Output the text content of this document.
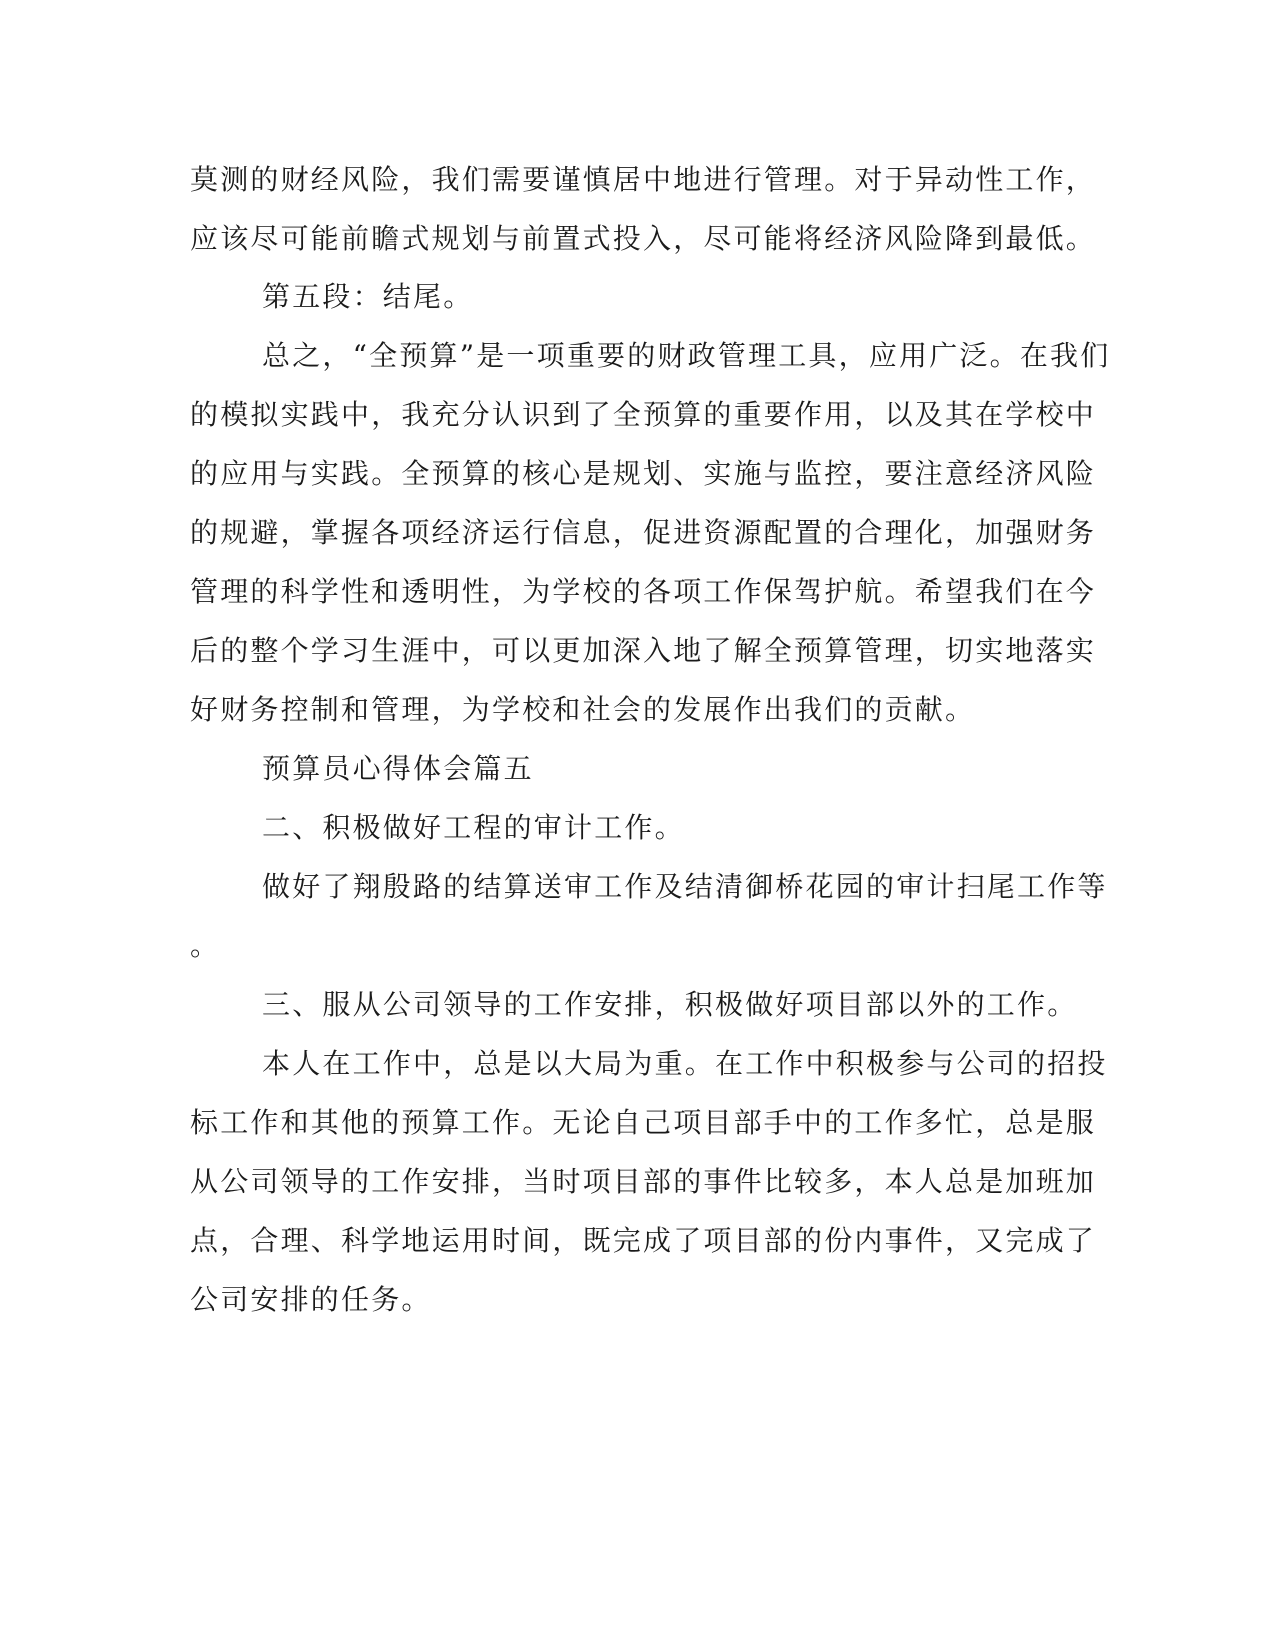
莫测的财经风险，我们需要谨慎居中地进行管理。对于异动性工作，
应该尽可能前瞻式规划与前置式投入，尽可能将经济风险降到最低。
第五段：结尾。
总之，“全预算”是一项重要的财政管理工具，应用广泛。在我们
的模拟实践中，我充分认识到了全预算的重要作用，以及其在学校中
的应用与实践。全预算的核心是规划、实施与监控，要注意经济风险
的规避，掌握各项经济运行信息，促进资源配置的合理化，加强财务
管理的科学性和透明性，为学校的各项工作保驾护航。希望我们在今
后的整个学习生涯中，可以更加深入地了解全预算管理，切实地落实
好财务控制和管理，为学校和社会的发展作出我们的贡献。
预算员心得体会篇五
二、积极做好工程的审计工作。
做好了翔殷路的结算送审工作及结清御桥花园的审计扫尾工作等
。
三、服从公司领导的工作安排，积极做好项目部以外的工作。
本人在工作中，总是以大局为重。在工作中积极参与公司的招投
标工作和其他的预算工作。无论自己项目部手中的工作多忙，总是服
从公司领导的工作安排，当时项目部的事件比较多，本人总是加班加
点，合理、科学地运用时间，既完成了项目部的份内事件，又完成了
公司安排的任务。
